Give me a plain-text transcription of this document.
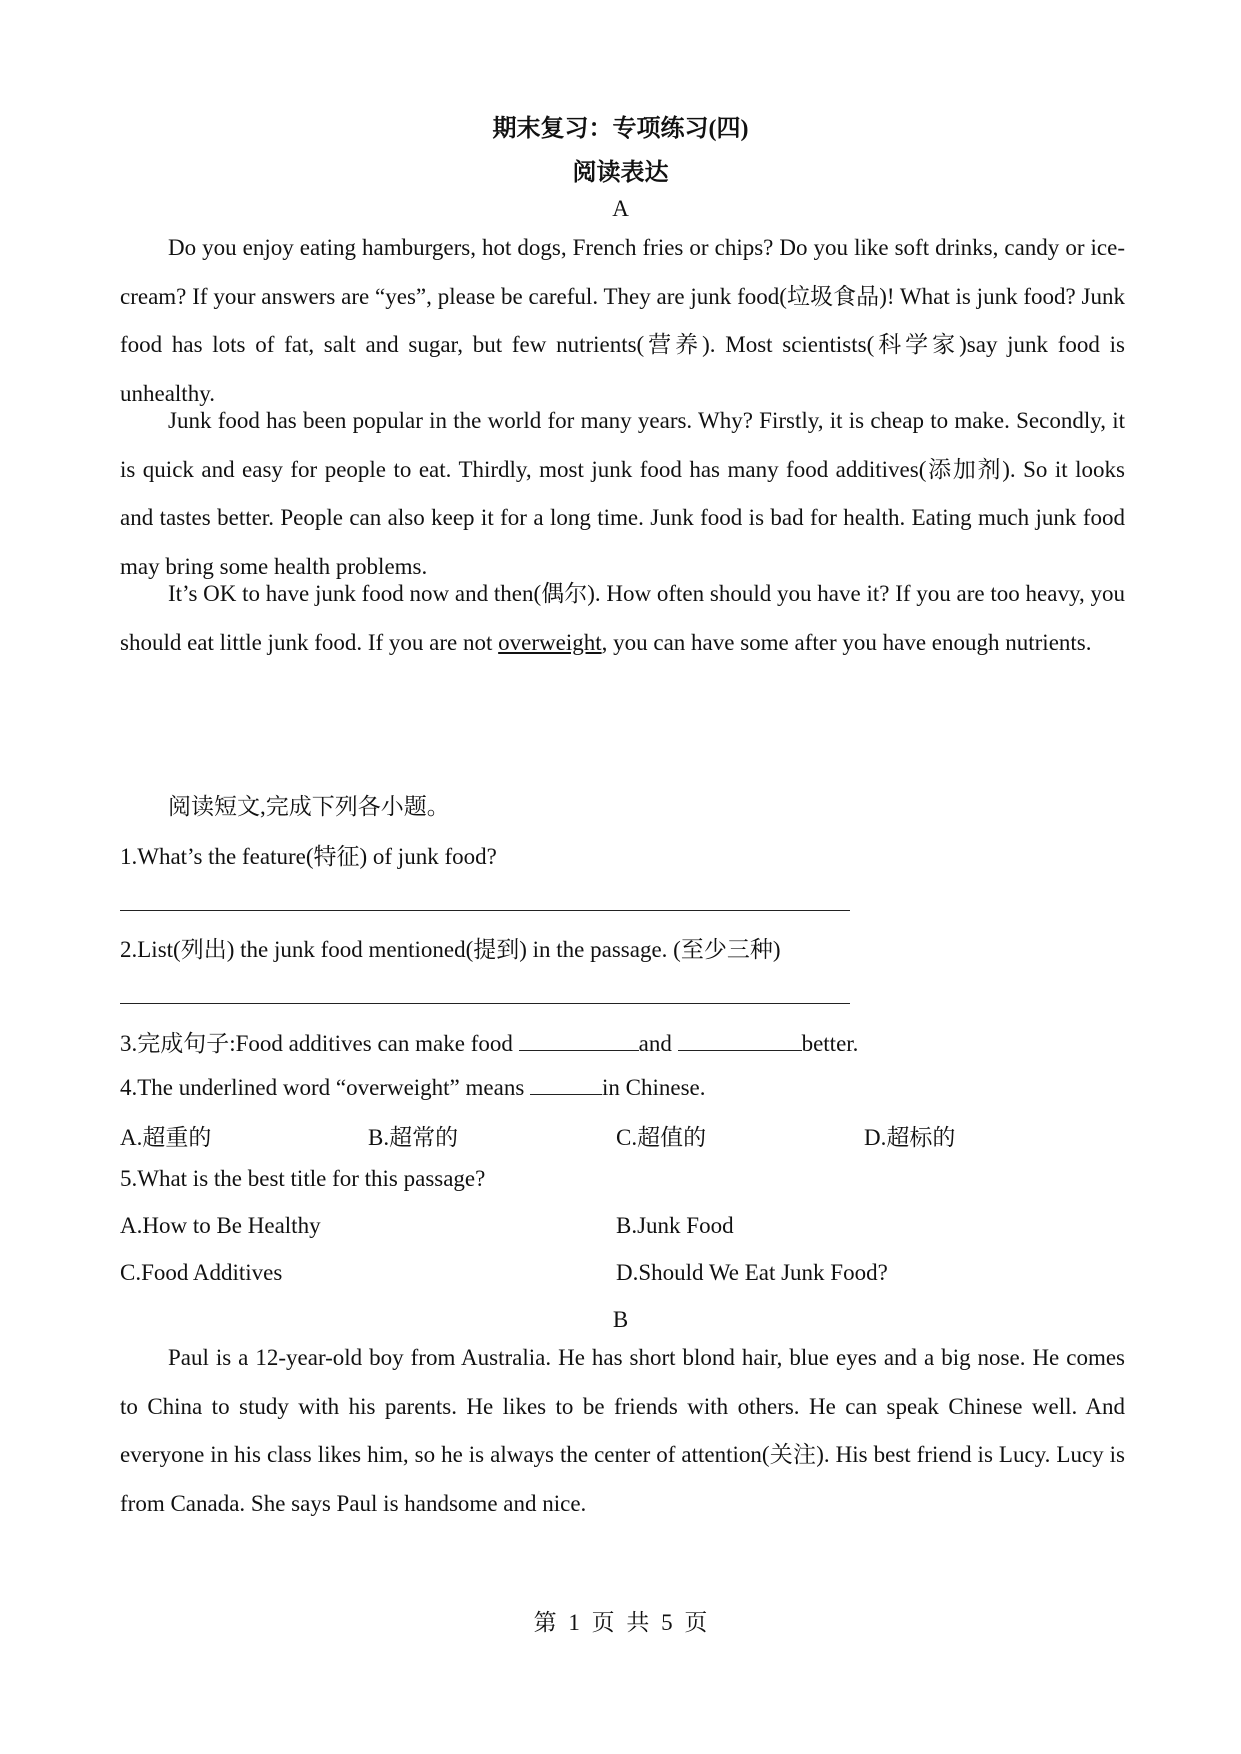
期末复习：专项练习(四)
阅读表达
A

Do you enjoy eating hamburgers, hot dogs, French fries or chips? Do you like soft drinks, candy or ice-cream? If your answers are “yes”, please be careful. They are junk food(垃圾食品)! What is junk food? Junk food has lots of fat, salt and sugar, but few nutrients(营养). Most scientists(科学家)say junk food is unhealthy.

Junk food has been popular in the world for many years. Why? Firstly, it is cheap to make. Secondly, it is quick and easy for people to eat. Thirdly, most junk food has many food additives(添加剂). So it looks and tastes better. People can also keep it for a long time. Junk food is bad for health. Eating much junk food may bring some health problems.

It’s OK to have junk food now and then(偶尔). How often should you have it? If you are too heavy, you should eat little junk food. If you are not overweight, you can have some after you have enough nutrients.

阅读短文,完成下列各小题。
1.What’s the feature(特征) of junk food?
2.List(列出) the junk food mentioned(提到) in the passage. (至少三种)
3.完成句子:Food additives can make food	and	better.
4.The underlined word “overweight” means	in Chinese.
A.超重的	B.超常的	C.超值的	D.超标的
5.What is the best title for this passage?
A.How to Be Healthy	B.Junk Food
C.Food Additives	D.Should We Eat Junk Food?
B

Paul is a 12-year-old boy from Australia. He has short blond hair, blue eyes and a big nose. He comes to China to study with his parents. He likes to be friends with others. He can speak Chinese well. And everyone in his class likes him, so he is always the center of attention(关注). His best friend is Lucy. Lucy is from Canada. She says Paul is handsome and nice.

第 1 页 共 5 页
